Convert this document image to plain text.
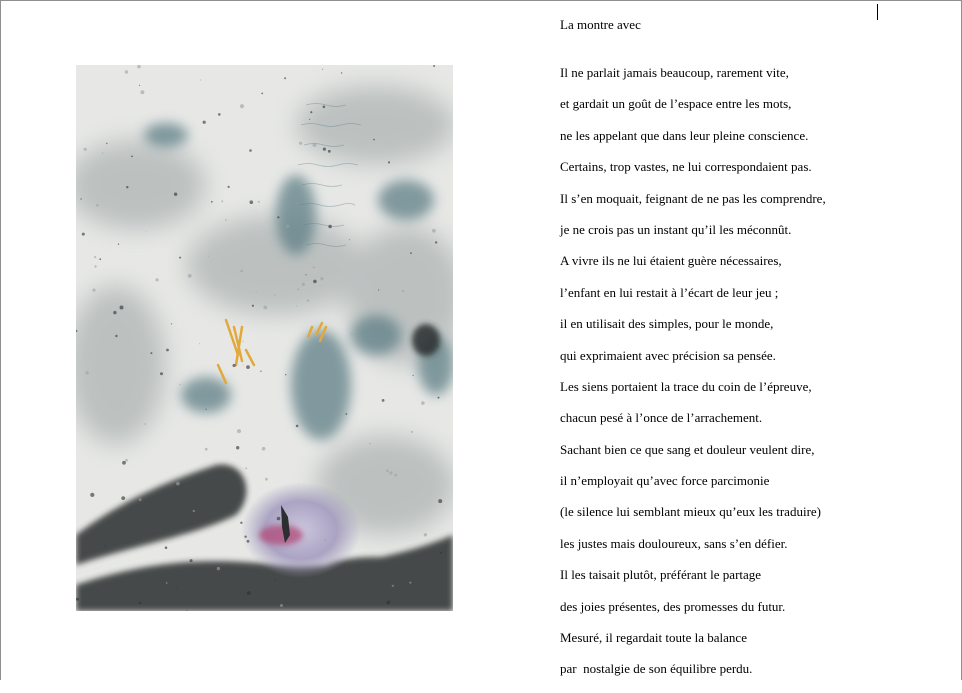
La montre avec
Il ne parlait jamais beaucoup, rarement vite,
et gardait un goût de l’espace entre les mots,
ne les appelant que dans leur pleine conscience.
Certains, trop vastes, ne lui correspondaient pas.
Il s’en moquait, feignant de ne pas les comprendre,
je ne crois pas un instant qu’il les méconnût.
A vivre ils ne lui étaient guère nécessaires,
l’enfant en lui restait à l’écart de leur jeu ;
il en utilisait des simples, pour le monde,
qui exprimaient avec précision sa pensée.
Les siens portaient la trace du coin de l’épreuve,
chacun pesé à l’once de l’arrachement.
Sachant bien ce que sang et douleur veulent dire,
il n’employait qu’avec force parcimonie
(le silence lui semblant mieux qu’eux les traduire)
les justes mais douloureux, sans s’en défier.
Il les taisait plutôt, préférant le partage
des joies présentes, des promesses du futur.
Mesuré, il regardait toute la balance
par  nostalgie de son équilibre perdu.
